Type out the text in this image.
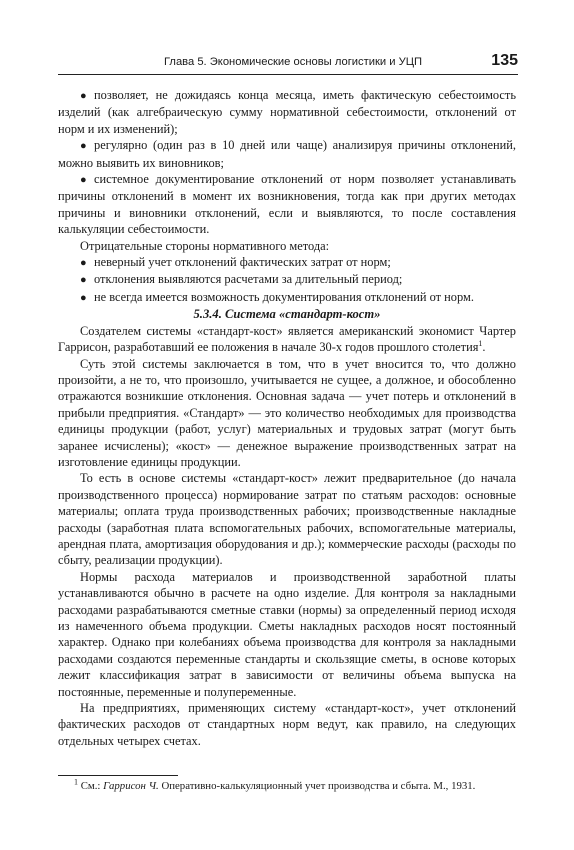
Глава 5. Экономические основы логистики и УЦП	135
● позволяет, не дожидаясь конца месяца, иметь фактическую себестоимость изделий (как алгебраическую сумму нормативной себестоимости, отклонений от норм и их изменений);
● регулярно (один раз в 10 дней или чаще) анализируя причины отклонений, можно выявить их виновников;
● системное документирование отклонений от норм позволяет устанавливать причины отклонений в момент их возникновения, тогда как при других методах причины и виновники отклонений, если и выявляются, то после составления калькуляции себестоимости.

Отрицательные стороны нормативного метода:

● неверный учет отклонений фактических затрат от норм;
● отклонения выявляются расчетами за длительный период;
● не всегда имеется возможность документирования отклонений от норм.

5.3.4. Система «стандарт-кост»

Создателем системы «стандарт-кост» является американский экономист Чартер Гаррисон, разработавший ее положения в начале 30-х годов прошлого столетия$^1$.

Суть этой системы заключается в том, что в учет вносится то, что должно произойти, а не то, что произошло, учитывается не сущее, а должное, и обособленно отражаются возникшие отклонения. Основная задача — учет потерь и отклонений в прибыли предприятия. «Стандарт» — это количество необходимых для производства единицы продукции (работ, услуг) материальных и трудовых затрат (могут быть заранее исчислены); «кост» — денежное выражение производственных затрат на изготовление единицы продукции.

То есть в основе системы «стандарт-кост» лежит предварительное (до начала производственного процесса) нормирование затрат по статьям расходов: основные материалы; оплата труда производственных рабочих; производственные накладные расходы (заработная плата вспомогательных рабочих, вспомогательные материалы, арендная плата, амортизация оборудования и др.); коммерческие расходы (расходы по сбыту, реализации продукции).

Нормы расхода материалов и производственной заработной платы устанавливаются обычно в расчете на одно изделие. Для контроля за накладными расходами разрабатываются сметные ставки (нормы) за определенный период исходя из намеченного объема продукции. Сметы накладных расходов носят постоянный характер. Однако при колебаниях объема производства для контроля за накладными расходами создаются переменные стандарты и скользящие сметы, в основе которых лежит классификация затрат в зависимости от величины объема выпуска на постоянные, переменные и полупеременные.

На предприятиях, применяющих систему «стандарт-кост», учет отклонений фактических расходов от стандартных норм ведут, как правило, на следующих отдельных четырех счетах.

$^1$ См.: Гаррисон Ч. Оперативно-калькуляционный учет производства и сбыта. М., 1931.
